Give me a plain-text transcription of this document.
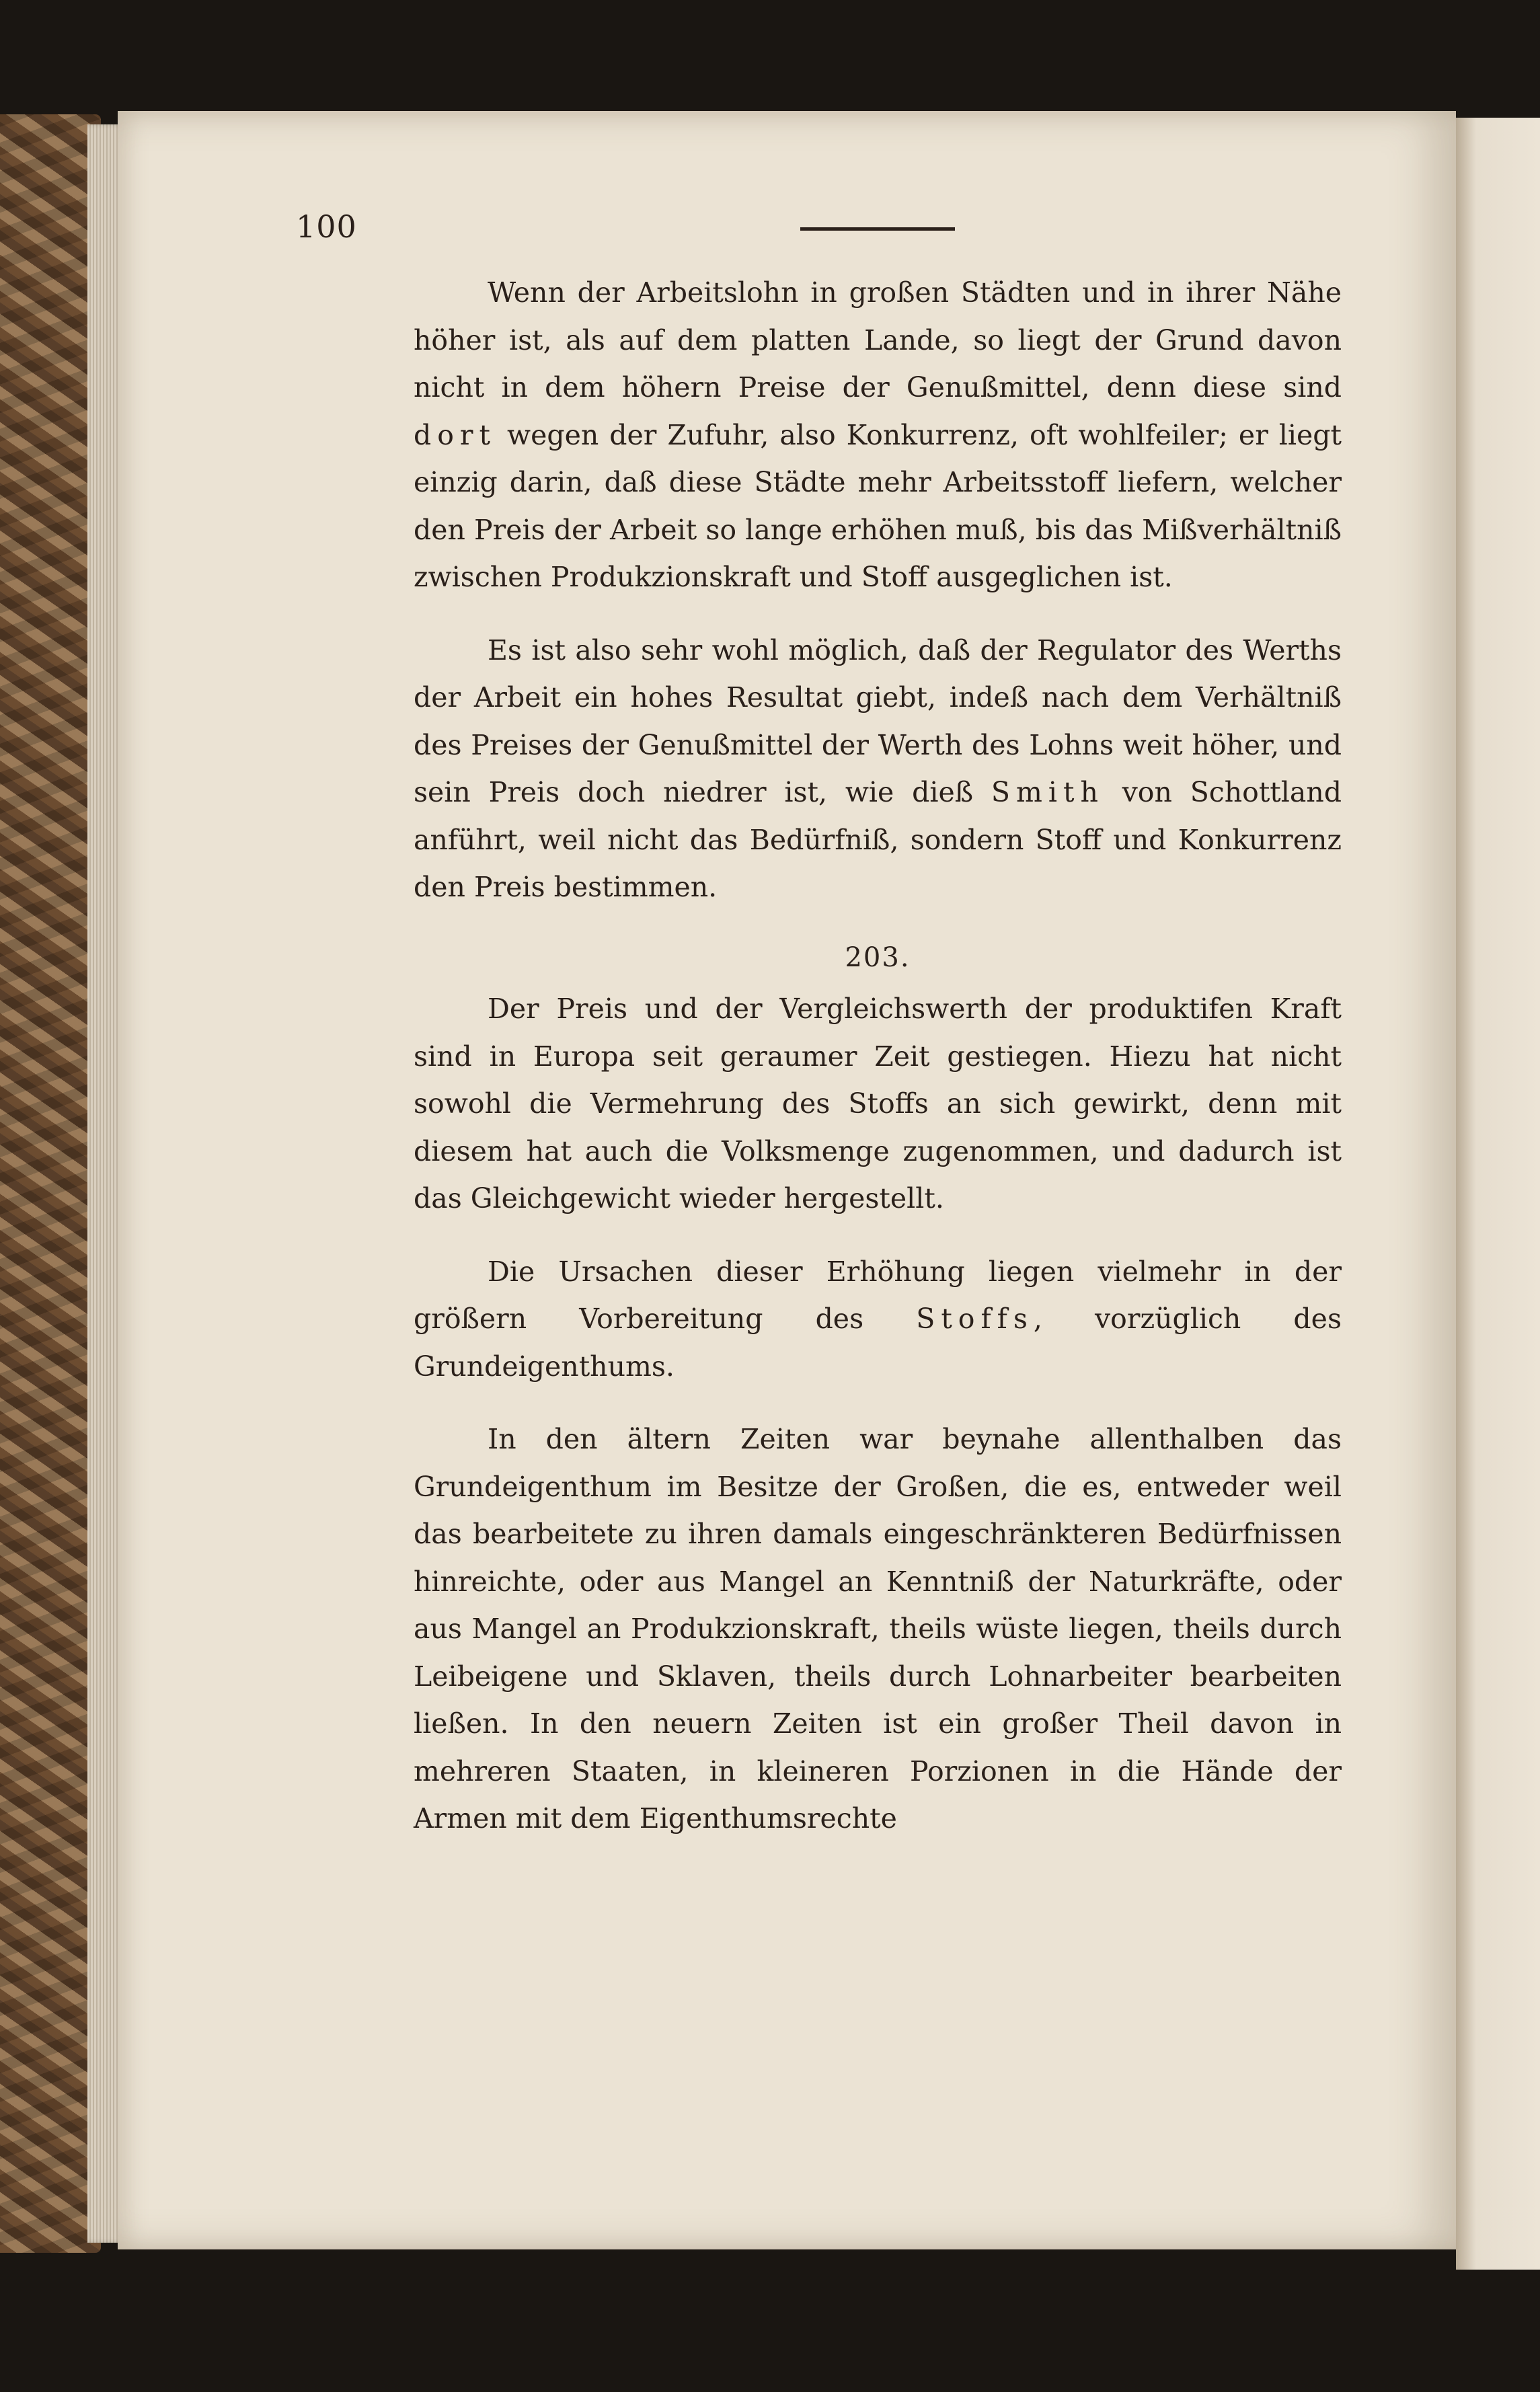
100

Wenn der Arbeitslohn in großen Städten und in ihrer Nähe höher ist, als auf dem platten Lande, so liegt der Grund davon nicht in dem höhern Preise der Genußmittel, denn diese sind dort wegen der Zufuhr, also Konkurrenz, oft wohlfeiler; er liegt einzig darin, daß diese Städte mehr Arbeitsstoff liefern, welcher den Preis der Arbeit so lange erhöhen muß, bis das Mißverhältniß zwischen Produkzionskraft und Stoff ausgeglichen ist.

Es ist also sehr wohl möglich, daß der Regulator des Werths der Arbeit ein hohes Resultat giebt, indeß nach dem Verhältniß des Preises der Genußmittel der Werth des Lohns weit höher, und sein Preis doch niedrer ist, wie dieß Smith von Schottland anführt, weil nicht das Bedürfniß, sondern Stoff und Konkurrenz den Preis bestimmen.

203.

Der Preis und der Vergleichswerth der produktifen Kraft sind in Europa seit geraumer Zeit gestiegen. Hiezu hat nicht sowohl die Vermehrung des Stoffs an sich gewirkt, denn mit diesem hat auch die Volksmenge zugenommen, und dadurch ist das Gleichgewicht wieder hergestellt.

Die Ursachen dieser Erhöhung liegen vielmehr in der größern Vorbereitung des Stoffs, vorzüglich des Grundeigenthums.

In den ältern Zeiten war beynahe allenthalben das Grundeigenthum im Besitze der Großen, die es, entweder weil das bearbeitete zu ihren damals eingeschränkteren Bedürfnissen hinreichte, oder aus Mangel an Kenntniß der Naturkräfte, oder aus Mangel an Produkzionskraft, theils wüste liegen, theils durch Leibeigene und Sklaven, theils durch Lohnarbeiter bearbeiten ließen. In den neuern Zeiten ist ein großer Theil davon in mehreren Staaten, in kleineren Porzionen in die Hände der Armen mit dem Eigenthumsrechte
